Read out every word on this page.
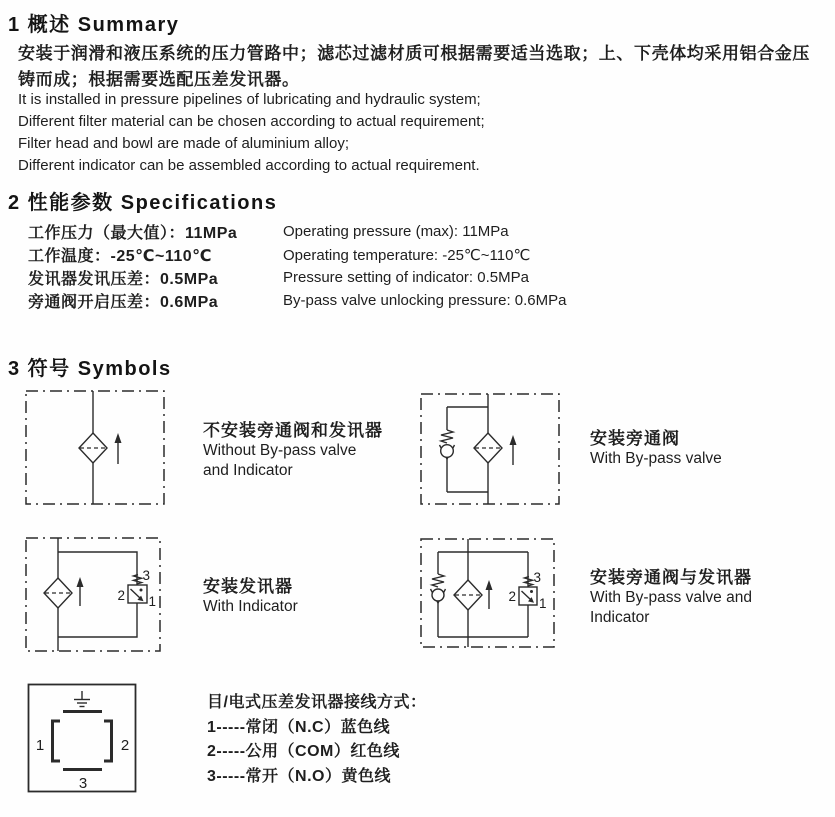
1 概述 Summary
安装于润滑和液压系统的压力管路中；滤芯过滤材质可根据需要适当选取；上、下壳体均采用铝合金压
铸而成；根据需要选配压差发讯器。
It is installed in pressure pipelines of lubricating and hydraulic system;
Different filter material can be chosen according to actual requirement;
Filter head and bowl are made of aluminium alloy;
Different indicator can be assembled according to actual requirement.
2 性能参数 Specifications
工作压力（最大值）：11MPa	Operating pressure (max): 11MPa
工作温度：-25℃~110℃	Operating temperature: -25℃~110℃
发讯器发讯压差：0.5MPa	Pressure setting of indicator: 0.5MPa
旁通阀开启压差：0.6MPa	By-pass valve unlocking pressure: 0.6MPa
3 符号 Symbols
不安装旁通阀和发讯器
Without By-pass valve
and Indicator
安装旁通阀
With By-pass valve
2
3
1
安装发讯器
With Indicator
2
3
1
安装旁通阀与发讯器
With By-pass valve and
Indicator
1	2
3
目/电式压差发讯器接线方式：
1-----常闭（N.C）蓝色线
2-----公用（COM）红色线
3-----常开（N.O）黄色线
